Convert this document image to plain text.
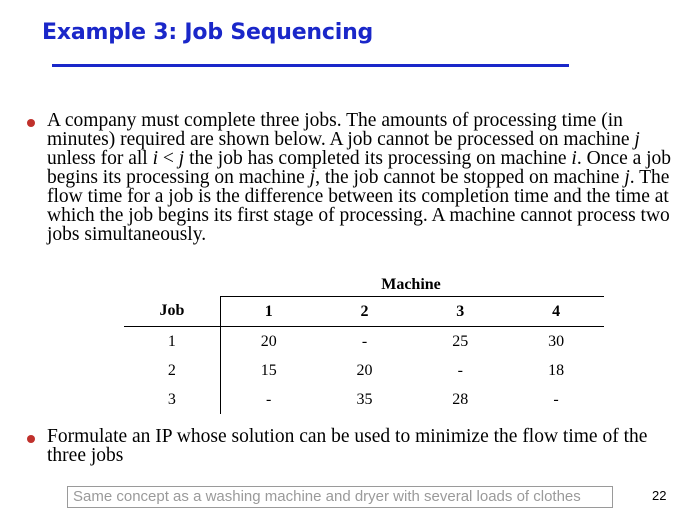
Example 3: Job Sequencing
A company must complete three jobs. The amounts of processing time (in minutes) required are shown below. A job cannot be processed on machine j unless for all i < j the job has completed its processing on machine i. Once a job begins its processing on machine j, the job cannot be stopped on machine j. The flow time for a job is the difference between its completion time and the time at which the job begins its first stage of processing. A machine cannot process two jobs simultaneously.
Machine
Job	1	2	3	4
1	20	-	25	30
2	15	20	-	18
3	-	35	28	-
Formulate an IP whose solution can be used to minimize the flow time of the three jobs
Same concept as a washing machine and dryer with several loads of clothes	22
